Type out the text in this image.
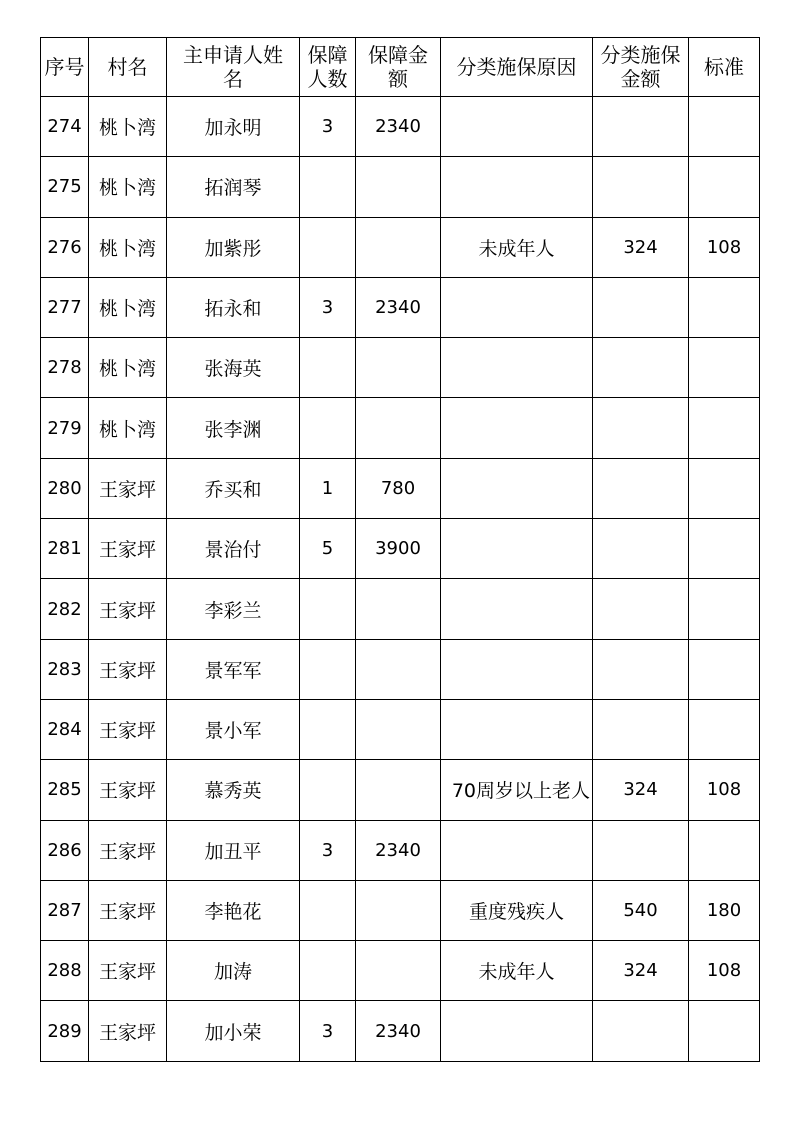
序号	村名	主申请人姓名	保障人数	保障金额	分类施保原因	分类施保金额	标准
274	桃卜湾	加永明	3	2340			
275	桃卜湾	拓润琴					
276	桃卜湾	加紫彤			未成年人	324	108
277	桃卜湾	拓永和	3	2340			
278	桃卜湾	张海英					
279	桃卜湾	张李渊					
280	王家坪	乔买和	1	780			
281	王家坪	景治付	5	3900			
282	王家坪	李彩兰					
283	王家坪	景军军					
284	王家坪	景小军					
285	王家坪	慕秀英			70周岁以上老人	324	108
286	王家坪	加丑平	3	2340			
287	王家坪	李艳花			重度残疾人	540	180
288	王家坪	加涛			未成年人	324	108
289	王家坪	加小荣	3	2340			
